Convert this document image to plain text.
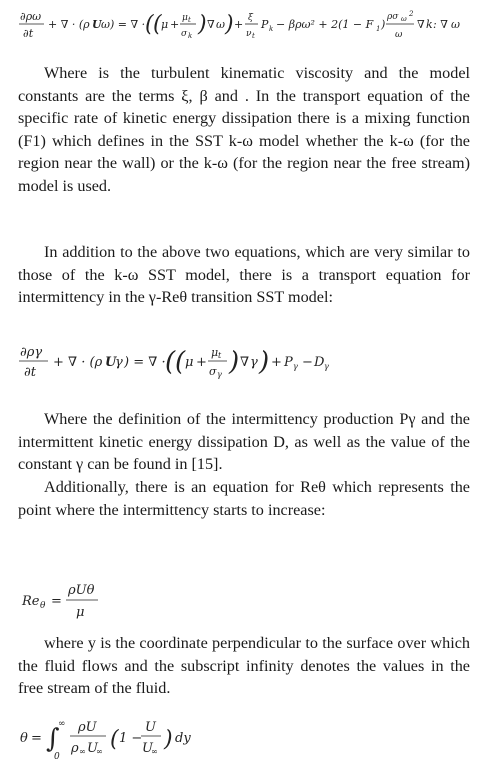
∂ρω
∂t
+ ∇ · (ρ U ω ) = ∇ · ( ( μ + μ t
σ k ) ∇ ω ) + ξ
ν t
P k − βρω² + 2(1 − F 1 )
ρσ ω
2
ω
∇ k : ∇ ω
Where is the turbulent kinematic viscosity and the model constants are the terms ξ, β and . In the transport equation of the specific rate of kinetic energy dissipation there is a mixing function (F1) which defines in the SST k-ω model whether the k-ω (for the region near the wall) or the k-ω (for the region near the free stream) model is used.
In addition to the above two equations, which are very similar to those of the k-ω SST model, there is a transport equation for intermittency in the γ-Reθ transition SST model:
∂ργ
∂t
+ ∇ · (ρ U
γ ) = ∇ · ( ( μ +
μ t
σ γ ) ∇ γ ) + P γ − D γ
Where the definition of the intermittency production Pγ and the intermittent kinetic energy dissipation D, as well as the value of the constant γ can be found in [15].
Additionally, there is an equation for Reθ which represents the point where the intermittency starts to increase:
Re θ =
ρUθ
μ
where y is the coordinate perpendicular to the surface over which the fluid flows and the subscript infinity denotes the values in the free stream of the fluid.
θ = ∫
∞
0
ρU
ρ ∞ U
∞ ( 1 −
U
U
∞ ) dy
